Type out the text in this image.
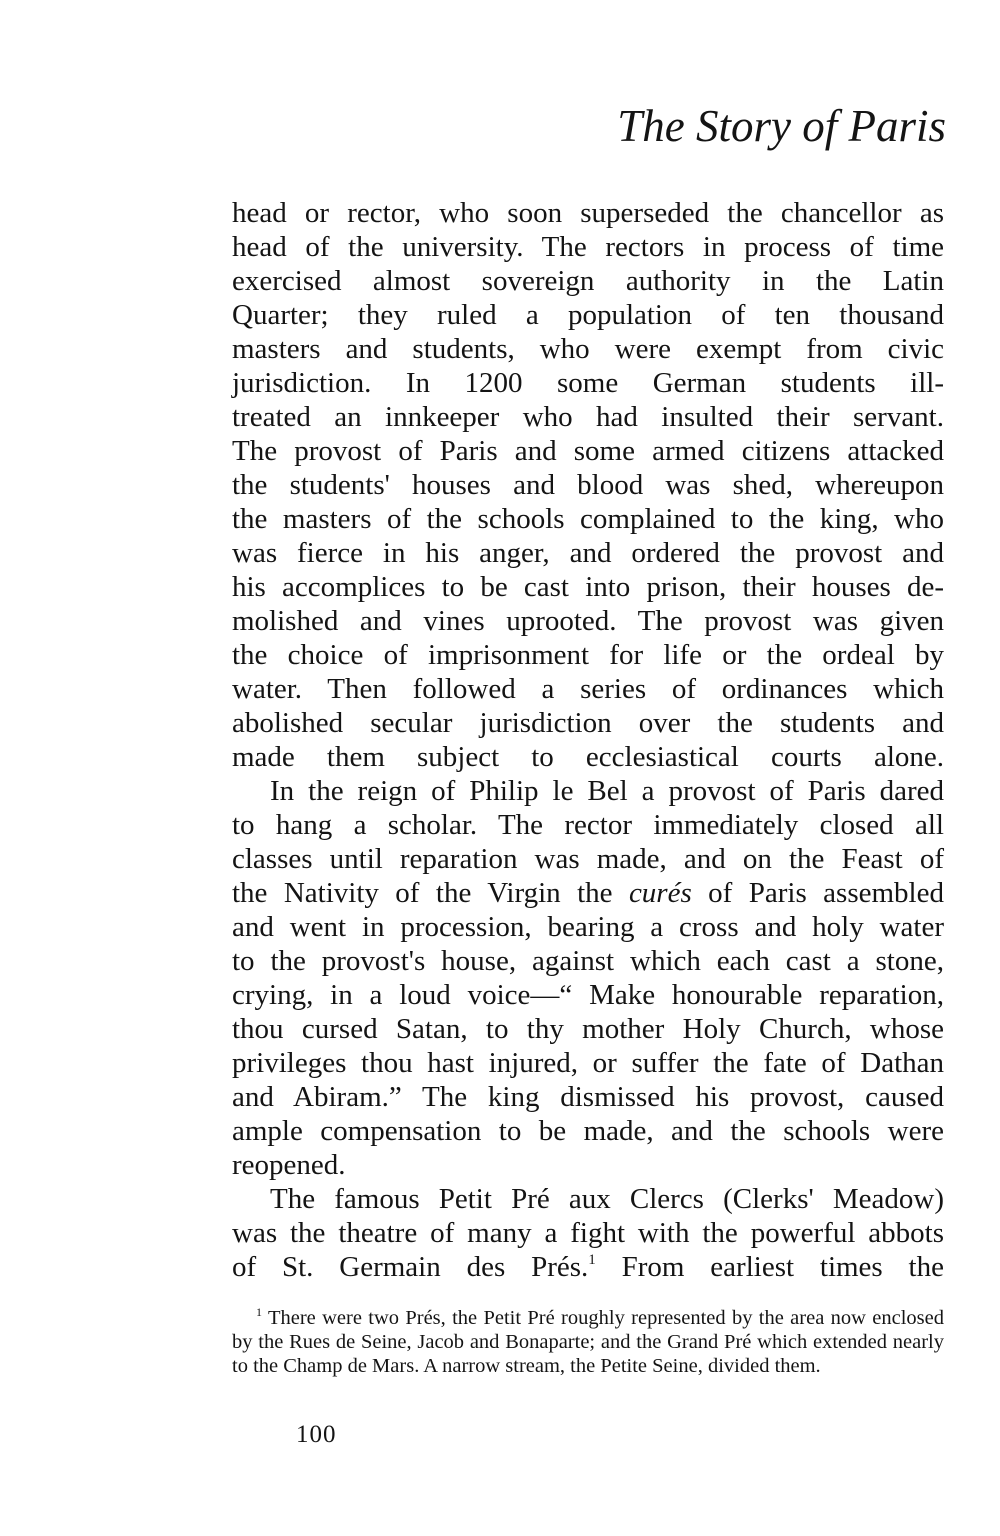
The Story of Paris

head or rector, who soon superseded the chancellor as
head of the university. The rectors in process of time
exercised almost sovereign authority in the Latin
Quarter; they ruled a population of ten thousand
masters and students, who were exempt from civic
jurisdiction. In 1200 some German students ill-
treated an innkeeper who had insulted their servant.
The provost of Paris and some armed citizens attacked
the students' houses and blood was shed, whereupon
the masters of the schools complained to the king, who
was fierce in his anger, and ordered the provost and
his accomplices to be cast into prison, their houses de-
molished and vines uprooted. The provost was given
the choice of imprisonment for life or the ordeal by
water. Then followed a series of ordinances which
abolished secular jurisdiction over the students and
made them subject to ecclesiastical courts alone.

In the reign of Philip le Bel a provost of Paris dared
to hang a scholar. The rector immediately closed all
classes until reparation was made, and on the Feast of
the Nativity of the Virgin the curés of Paris assembled
and went in procession, bearing a cross and holy water
to the provost's house, against which each cast a stone,
crying, in a loud voice—“ Make honourable reparation,
thou cursed Satan, to thy mother Holy Church, whose
privileges thou hast injured, or suffer the fate of Dathan
and Abiram.” The king dismissed his provost, caused
ample compensation to be made, and the schools were

reopened.

The famous Petit Pré aux Clercs (Clerks' Meadow)
was the theatre of many a fight with the powerful abbots
of St. Germain des Prés.$^1$ From earliest times the

$^1$ There were two Prés, the Petit Pré roughly represented by the area now enclosed by the Rues de Seine, Jacob and Bonaparte; and the Grand Pré which extended nearly to the Champ de Mars. A narrow stream, the Petite Seine, divided them.
100
